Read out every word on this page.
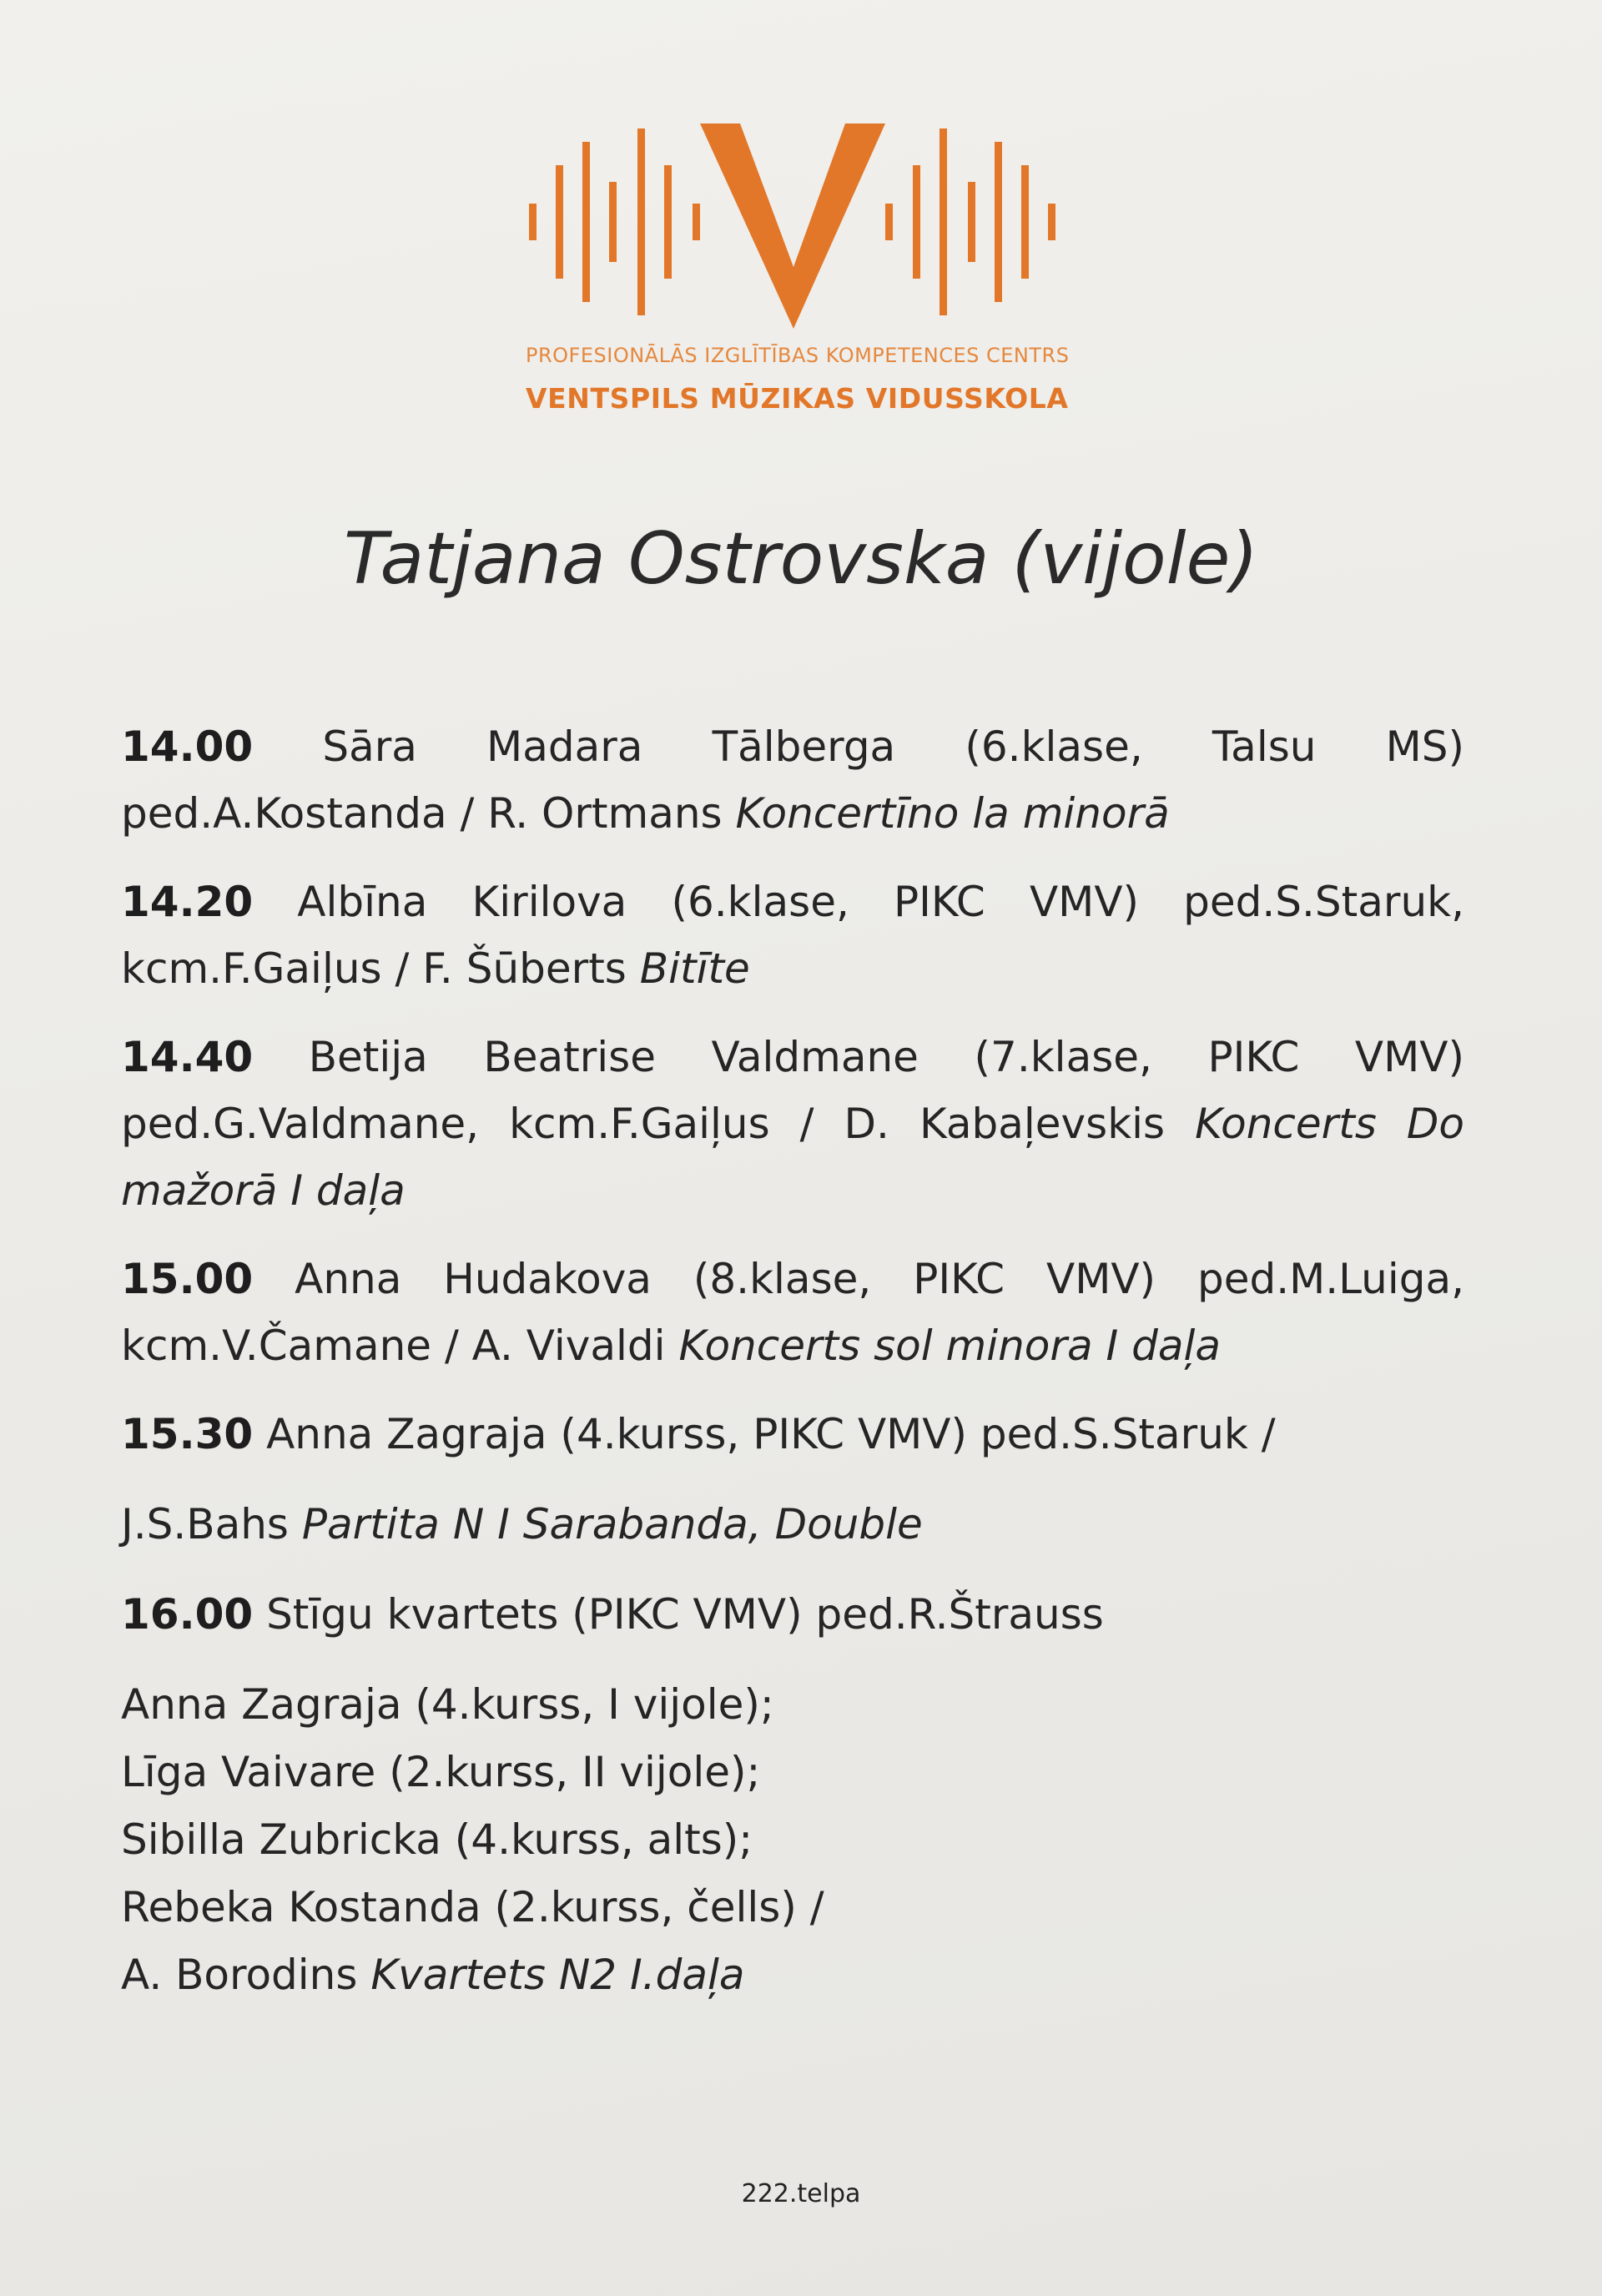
PROFESIONĀLĀS IZGLĪTĪBAS KOMPETENCES CENTRS
VENTSPILS MŪZIKAS VIDUSSKOLA
Tatjana Ostrovska (vijole)
14.00 Sāra Madara Tālberga (6.klase, Talsu MS) ped.A.Kostanda / R. Ortmans Koncertīno la minorā
14.20 Albīna Kirilova (6.klase, PIKC VMV) ped.S.Staruk, kcm.F.Gaiļus / F. Šūberts Bitīte
14.40 Betija Beatrise Valdmane (7.klase, PIKC VMV) ped.G.Valdmane, kcm.F.Gaiļus / D. Kabaļevskis Koncerts Do mažorā I daļa
15.00 Anna Hudakova (8.klase, PIKC VMV) ped.M.Luiga, kcm.V.Čamane / A. Vivaldi Koncerts sol minora I daļa
15.30 Anna Zagraja (4.kurss, PIKC VMV) ped.S.Staruk /
J.S.Bahs Partita N I Sarabanda, Double
16.00 Stīgu kvartets (PIKC VMV) ped.R.Štrauss
Anna Zagraja (4.kurss, I vijole);
Līga Vaivare (2.kurss, II vijole);
Sibilla Zubricka (4.kurss, alts);
Rebeka Kostanda (2.kurss, čells) /
A. Borodins Kvartets N2 I.daļa
222.telpa
